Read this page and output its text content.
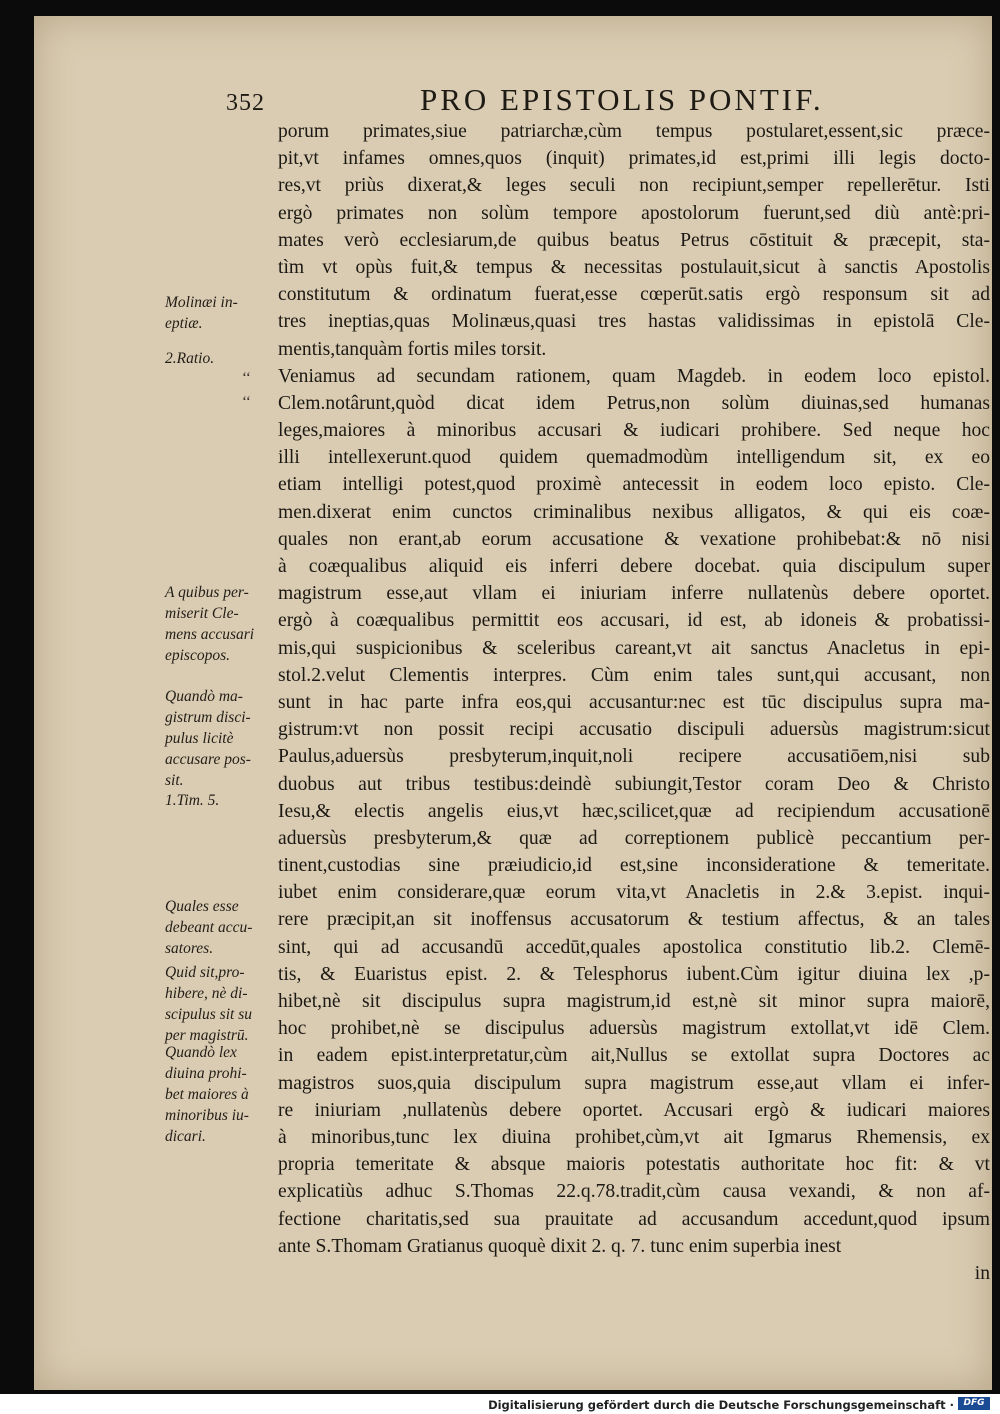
352	PRO EPISTOLIS PONTIF.
porum primates,siue patriarchæ,cùm tempus postularet,essent,sic præce-
pit,vt infames omnes,quos (inquit) primates,id est,primi illi legis docto-
res,vt priùs dixerat,& leges seculi non recipiunt,semper repellerētur. Isti
ergò primates non solùm tempore apostolorum fuerunt,sed diù antè:pri-
mates verò ecclesiarum,de quibus beatus Petrus cōstituit & præcepit, sta-
tìm vt opùs fuit,& tempus & necessitas postulauit,sicut à sanctis Apostolis
constitutum & ordinatum fuerat,esse cœperūt.satis ergò responsum sit ad
tres ineptias,quas Molinæus,quasi tres hastas validissimas in epistolā Cle-
mentis,tanquàm fortis miles torsit.
Veniamus ad secundam rationem, quam Magdeb. in eodem loco epistol.
Clem.notârunt,quòd dicat idem Petrus,non solùm diuinas,sed humanas
leges,maiores à minoribus accusari & iudicari prohibere. Sed neque hoc
illi intellexerunt.quod quidem quemadmodùm intelligendum sit, ex eo
etiam intelligi potest,quod proximè antecessit in eodem loco episto. Cle-
men.dixerat enim cunctos criminalibus nexibus alligatos, & qui eis coæ-
quales non erant,ab eorum accusatione & vexatione prohibebat:& nō nisi
à coæqualibus aliquid eis inferri debere docebat. quia discipulum super
magistrum esse,aut vllam ei iniuriam inferre nullatenùs debere oportet.
ergò à coæqualibus permittit eos accusari, id est, ab idoneis & probatissi-
mis,qui suspicionibus & sceleribus careant,vt ait sanctus Anacletus in epi-
stol.2.velut Clementis interpres. Cùm enim tales sunt,qui accusant, non
sunt in hac parte infra eos,qui accusantur:nec est tūc discipulus supra ma-
gistrum:vt non possit recipi accusatio discipuli aduersùs magistrum:sicut
Paulus,aduersùs presbyterum,inquit,noli recipere accusatiōem,nisi sub
duobus aut tribus testibus:deindè subiungit,Testor coram Deo & Christo
Iesu,& electis angelis eius,vt hæc,scilicet,quæ ad recipiendum accusationē
aduersùs presbyterum,& quæ ad correptionem publicè peccantium per-
tinent,custodias sine præiudicio,id est,sine inconsideratione & temeritate.
iubet enim considerare,quæ eorum vita,vt Anacletis in 2.& 3.epist. inqui-
rere præcipit,an sit inoffensus accusatorum & testium affectus, & an tales
sint, qui ad accusandū accedūt,quales apostolica constitutio lib.2. Clemē-
tis, & Euaristus epist. 2. & Telesphorus iubent.Cùm igitur diuina lex ,p-
hibet,nè sit discipulus supra magistrum,id est,nè sit minor supra maiorē,
hoc prohibet,nè se discipulus aduersùs magistrum extollat,vt idē Clem.
in eadem epist.interpretatur,cùm ait,Nullus se extollat supra Doctores ac
magistros suos,quia discipulum supra magistrum esse,aut vllam ei infer-
re iniuriam ,nullatenùs debere oportet. Accusari ergò & iudicari maiores
à minoribus,tunc lex diuina prohibet,cùm,vt ait Igmarus Rhemensis, ex
propria temeritate & absque maioris potestatis authoritate hoc fit: & vt
explicatiùs adhuc S.Thomas 22.q.78.tradit,cùm causa vexandi, & non af-
fectione charitatis,sed sua prauitate ad accusandum accedunt,quod ipsum
ante S.Thomam Gratianus quoquè dixit 2. q. 7. tunc enim superbia inest
in
‘‘
‘‘
Molinæi in-
eptiæ.
2.Ratio.
A quibus per-
miserit Cle-
mens accusari
episcopos.
Quandò ma-
gistrum disci-
pulus licitè
accusare pos-
sit.
1.Tim. 5.
Quales esse
debeant accu-
satores.
Quid sit,pro-
hibere, nè di-
scipulus sit su
per magistrū.
Quandò lex
diuina prohi-
bet maiores à
minoribus iu-
dicari.
Digitalisierung gefördert durch die Deutsche Forschungsgemeinschaft ·	DFG
